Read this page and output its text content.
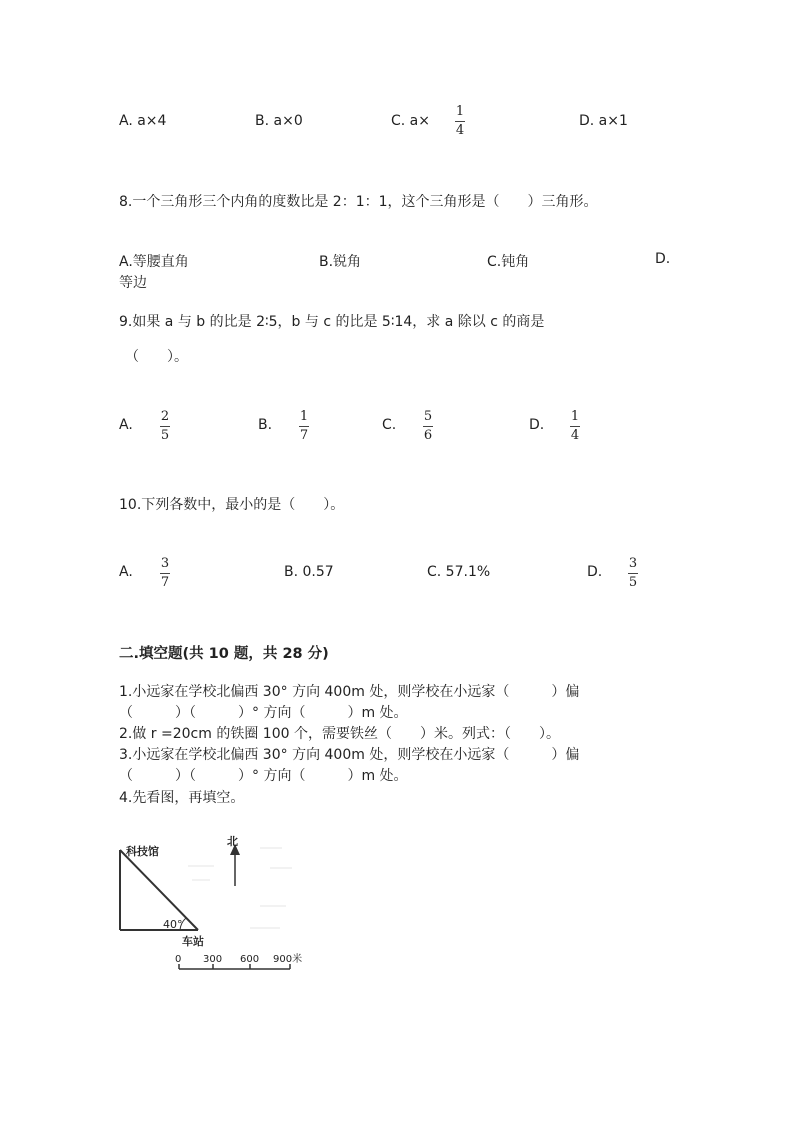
A. a×4	B. a×0	C. a×
1
4
D. a×1
8.一个三角形三个内角的度数比是 2：1：1，这个三角形是（　　）三角形。
A.等腰直角	B.锐角	C.钝角	D.
等边
9.如果 a 与 b 的比是 2∶5，b 与 c 的比是 5∶14，求 a 除以 c 的商是
（　　）。
A.
2
5
B.
1
7
C.
5
6
D.
1
4
10.下列各数中，最小的是（　　）。
A.
3
7
B. 0.57	C. 57.1%	D.
3
5
二.填空题(共 10 题，共 28 分)
1.小远家在学校北偏西 30° 方向 400m 处，则学校在小远家（　　　）偏
（　　　）（　　　）° 方向（　　　）m 处。
2.做 r =20cm 的铁圈 100 个，需要铁丝（　　）米。列式：（　　）。
3.小远家在学校北偏西 30° 方向 400m 处，则学校在小远家（　　　）偏
（　　　）（　　　）° 方向（　　　）m 处。
4.先看图，再填空。
40°
科技馆
车站
北
0 300 600 900米
